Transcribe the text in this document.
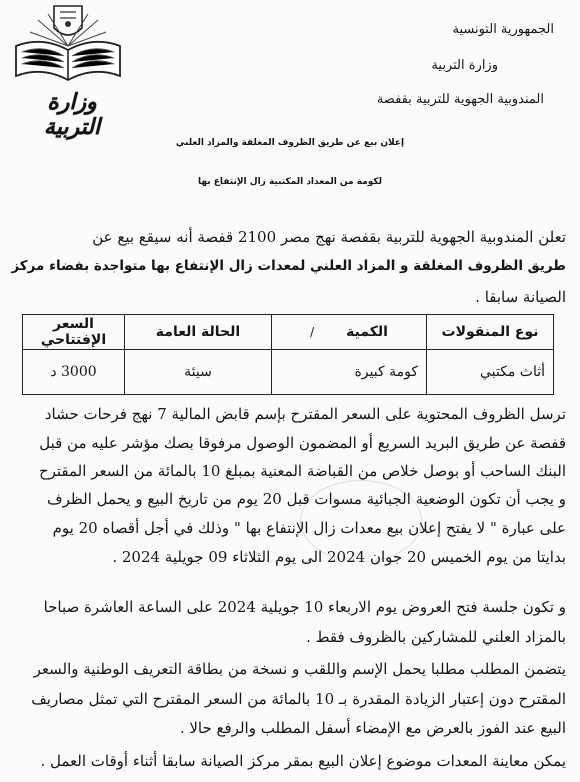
وزارة التربية
الجمهورية التونسية
وزارة التربية
المندوبية الجهوية للتربية بقفصة
إعلان بيع عن طريق الظروف المغلقة والمزاد العلني
لكومة من المعداد المكتبية زال الإنتفاع بها
تعلن المندوبية الجهوية للتربية بقفصة نهج مصر 2100 قفصة أنه سيقع بيع عن
طريق الظروف المغلقة و المزاد العلني لمعدات زال الإنتفاع بها متواجدة بفضاء مركز
الصيانة سابقا .
نوع المنقولات	الكمية/	الحالة العامة	السعر الإفتتاحي
أثاث مكتبي	كومة كبيرة	سيئة	3000 د
ترسل الظروف المحتوية على السعر المقترح بإسم قابض المالية 7 نهج فرحات حشاد
قفصة عن طريق البريد السريع أو المضمون الوصول مرفوقا بصك مؤشر عليه من قبل
البنك الساحب أو بوصل خلاص من القباضة المعنية بمبلغ 10 بالمائة من السعر المقترح
و يجب أن تكون الوضعية الجبائية مسوات قبل 20 يوم من تاريخ البيع و يحمل الظرف
على عبارة " لا يفتح إعلان بيع معدات زال الإنتفاع بها " وذلك في أجل أقصاه 20 يوم
بدايتا من يوم الخميس 20 جوان 2024 الى يوم الثلاثاء 09 جويلية 2024 .
و تكون جلسة فتح العروض يوم الاربعاء 10 جويلية 2024 على الساعة العاشرة صباحا
بالمزاد العلني للمشاركين بالظروف فقط .
يتضمن المطلب مطلبا يحمل الإسم واللقب و نسخة من بطاقة التعريف الوطنية والسعر
المقترح دون إعتبار الزيادة المقدرة بـ 10 بالمائة من السعر المقترح التي تمثل مصاريف
البيع عند الفوز بالعرض مع الإمضاء أسفل المطلب والرفع حالا .
يمكن معاينة المعدات موضوع إعلان البيع بمقر مركز الصيانة سابقا أثناء أوقات العمل .
